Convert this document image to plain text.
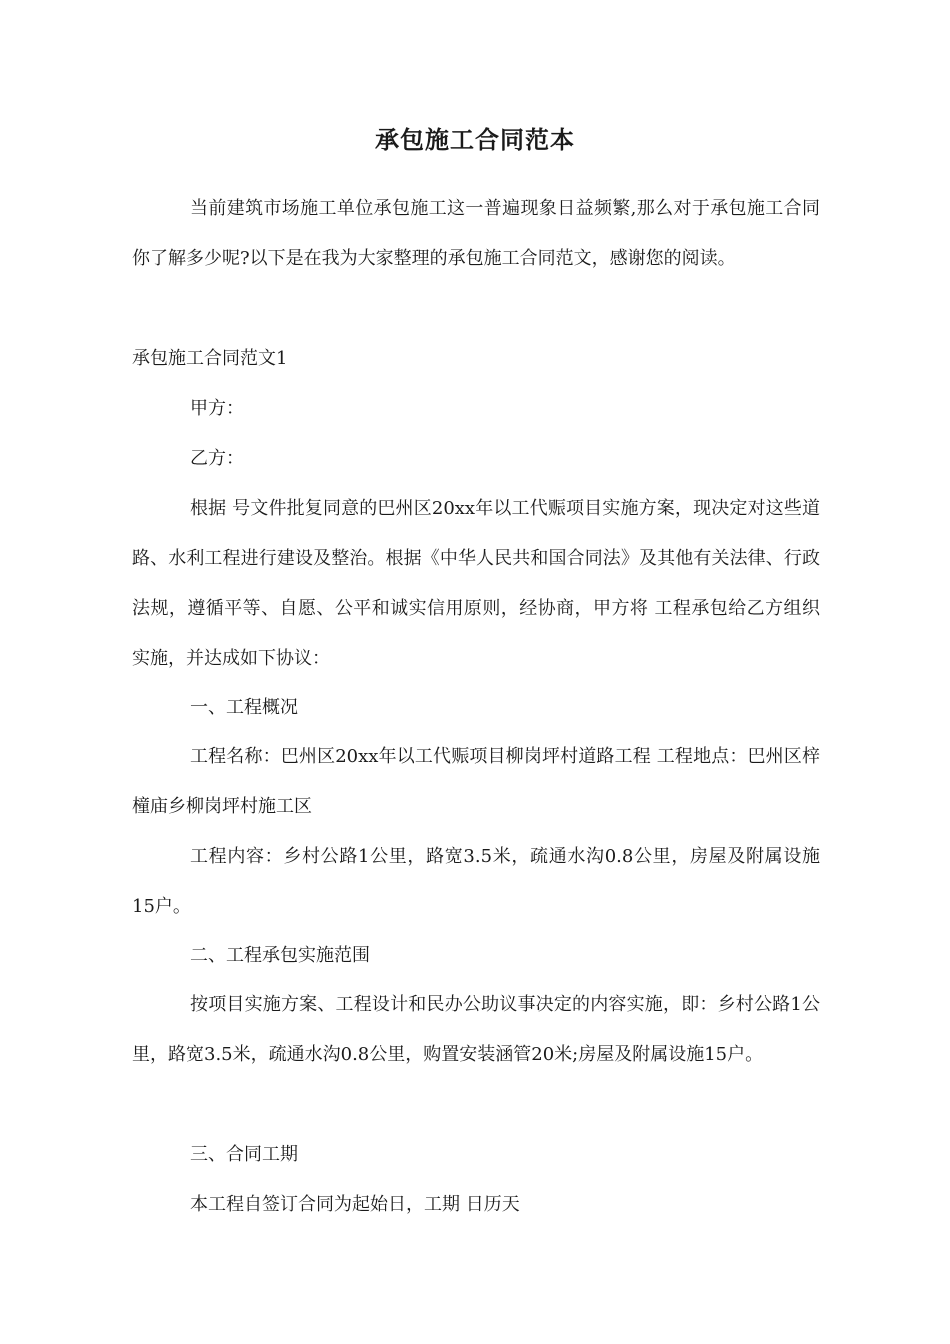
承包施工合同范本

当前建筑市场施工单位承包施工这一普遍现象日益频繁,那么对于承包施工合同你了解多少呢?以下是在我为大家整理的承包施工合同范文，感谢您的阅读。

承包施工合同范文1

甲方：

乙方：

根据 号文件批复同意的巴州区20xx年以工代赈项目实施方案，现决定对这些道路、水利工程进行建设及整治。根据《中华人民共和国合同法》及其他有关法律、行政法规，遵循平等、自愿、公平和诚实信用原则，经协商，甲方将 工程承包给乙方组织实施，并达成如下协议：

一、工程概况

工程名称：巴州区20xx年以工代赈项目柳岗坪村道路工程 工程地点：巴州区梓橦庙乡柳岗坪村施工区

工程内容：乡村公路1公里，路宽3.5米，疏通水沟0.8公里，房屋及附属设施15户。

二、工程承包实施范围

按项目实施方案、工程设计和民办公助议事决定的内容实施，即：乡村公路1公里，路宽3.5米，疏通水沟0.8公里，购置安装涵管20米;房屋及附属设施15户。

三、合同工期

本工程自签订合同为起始日，工期 日历天
